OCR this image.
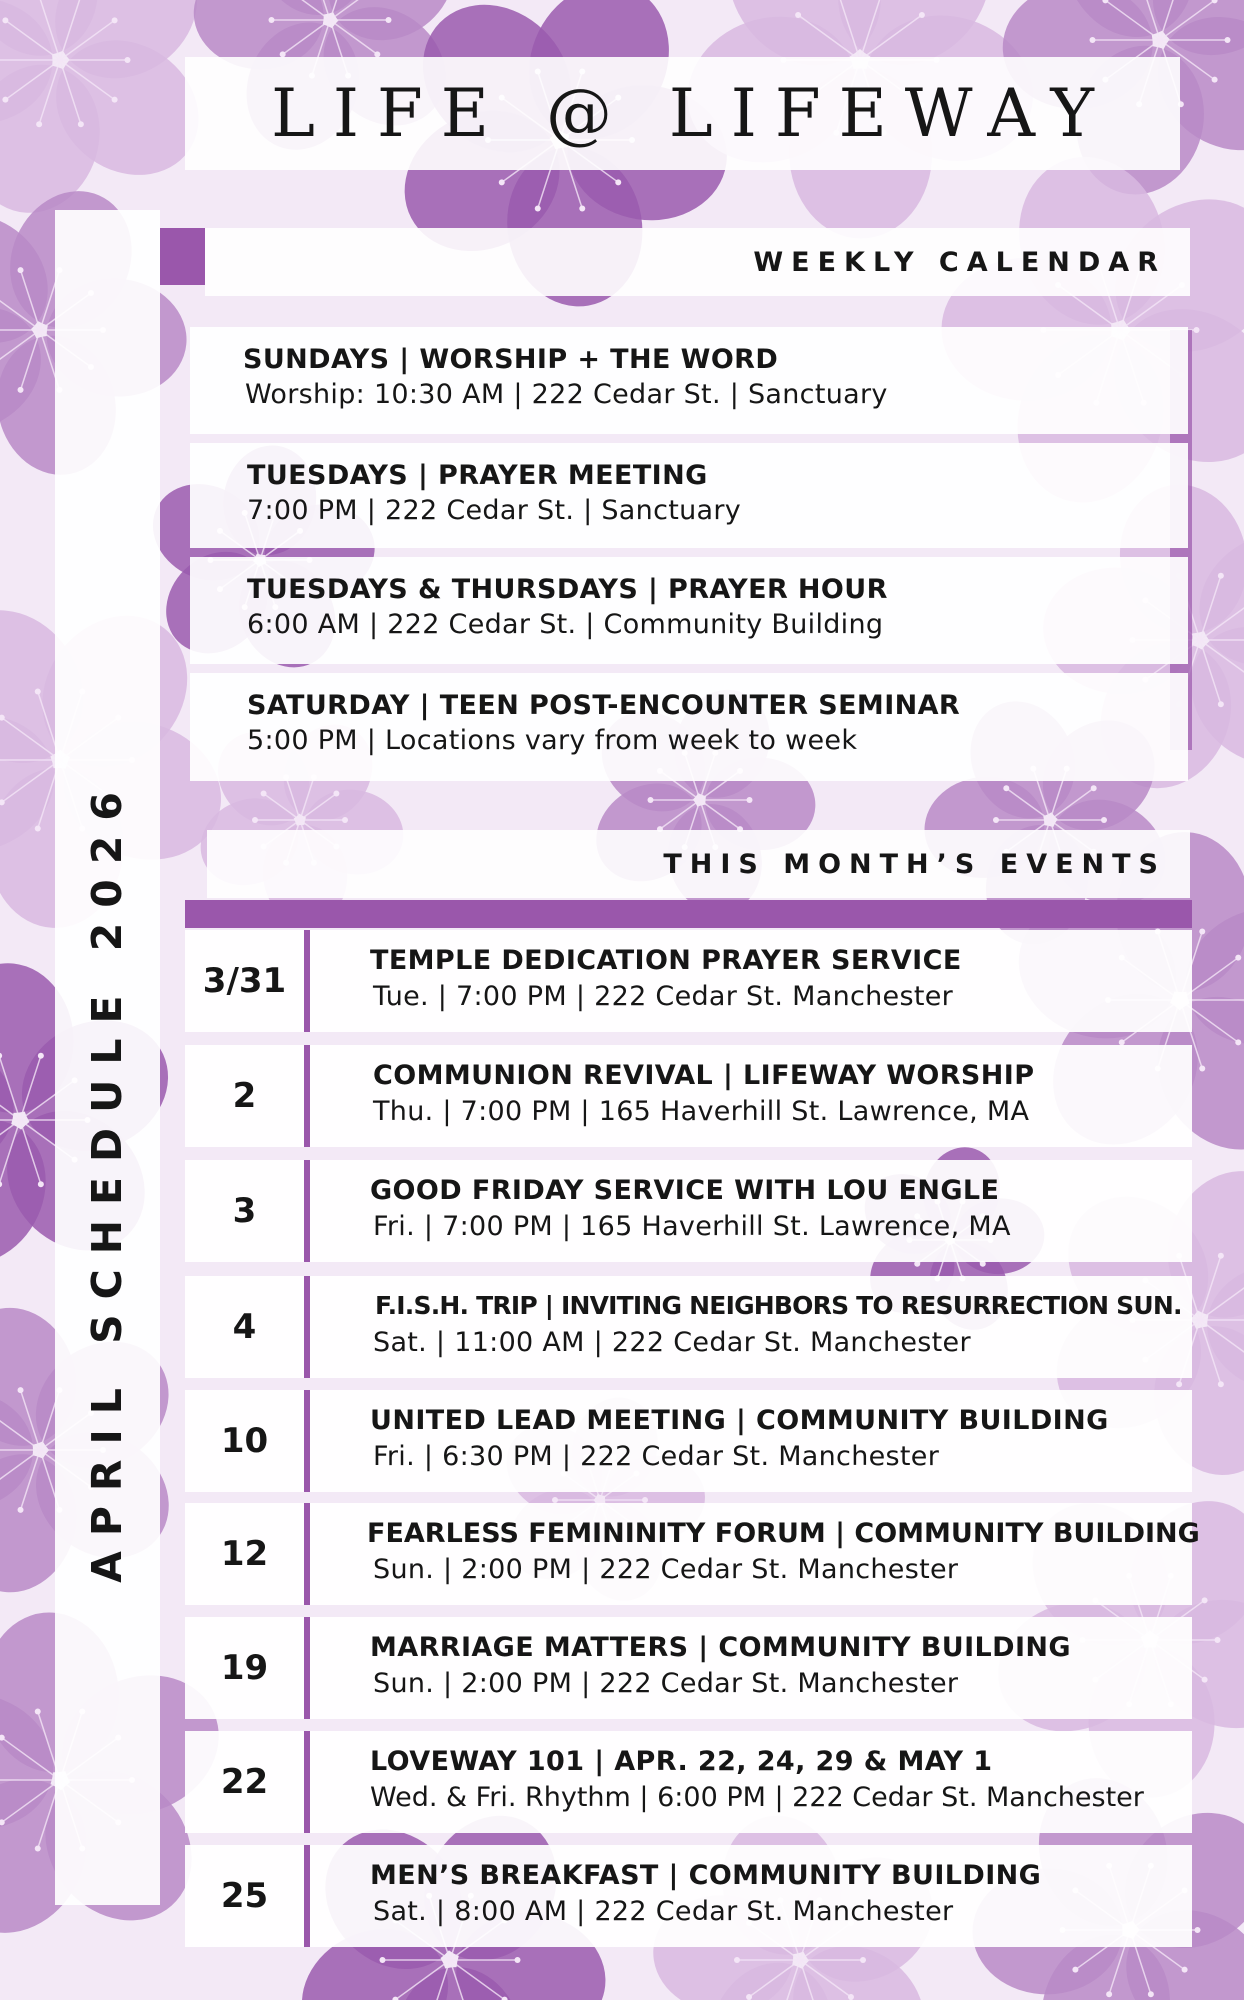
LIFE @ LIFEWAY
APRIL SCHEDULE 2026
WEEKLY CALENDAR
SUNDAYS | WORSHIP + THE WORD
Worship: 10:30 AM | 222 Cedar St. | Sanctuary
TUESDAYS | PRAYER MEETING
7:00 PM | 222 Cedar St. | Sanctuary
TUESDAYS & THURSDAYS | PRAYER HOUR
6:00 AM | 222 Cedar St. | Community Building
SATURDAY | TEEN POST-ENCOUNTER SEMINAR
5:00 PM | Locations vary from week to week
THIS MONTH’S EVENTS
3/31
TEMPLE DEDICATION PRAYER SERVICE
Tue. | 7:00 PM | 222 Cedar St. Manchester
2
COMMUNION REVIVAL | LIFEWAY WORSHIP
Thu. | 7:00 PM | 165 Haverhill St. Lawrence, MA
3
GOOD FRIDAY SERVICE WITH LOU ENGLE
Fri. | 7:00 PM | 165 Haverhill St. Lawrence, MA
4
F.I.S.H. TRIP | INVITING NEIGHBORS TO RESURRECTION SUN.
Sat. | 11:00 AM | 222 Cedar St. Manchester
10
UNITED LEAD MEETING | COMMUNITY BUILDING
Fri. | 6:30 PM | 222 Cedar St. Manchester
12
FEARLESS FEMININITY FORUM | COMMUNITY BUILDING
Sun. | 2:00 PM | 222 Cedar St. Manchester
19
MARRIAGE MATTERS | COMMUNITY BUILDING
Sun. | 2:00 PM | 222 Cedar St. Manchester
22
LOVEWAY 101 | APR. 22, 24, 29 & MAY 1
Wed. & Fri. Rhythm | 6:00 PM | 222 Cedar St. Manchester
25
MEN’S BREAKFAST | COMMUNITY BUILDING
Sat. | 8:00 AM | 222 Cedar St. Manchester
